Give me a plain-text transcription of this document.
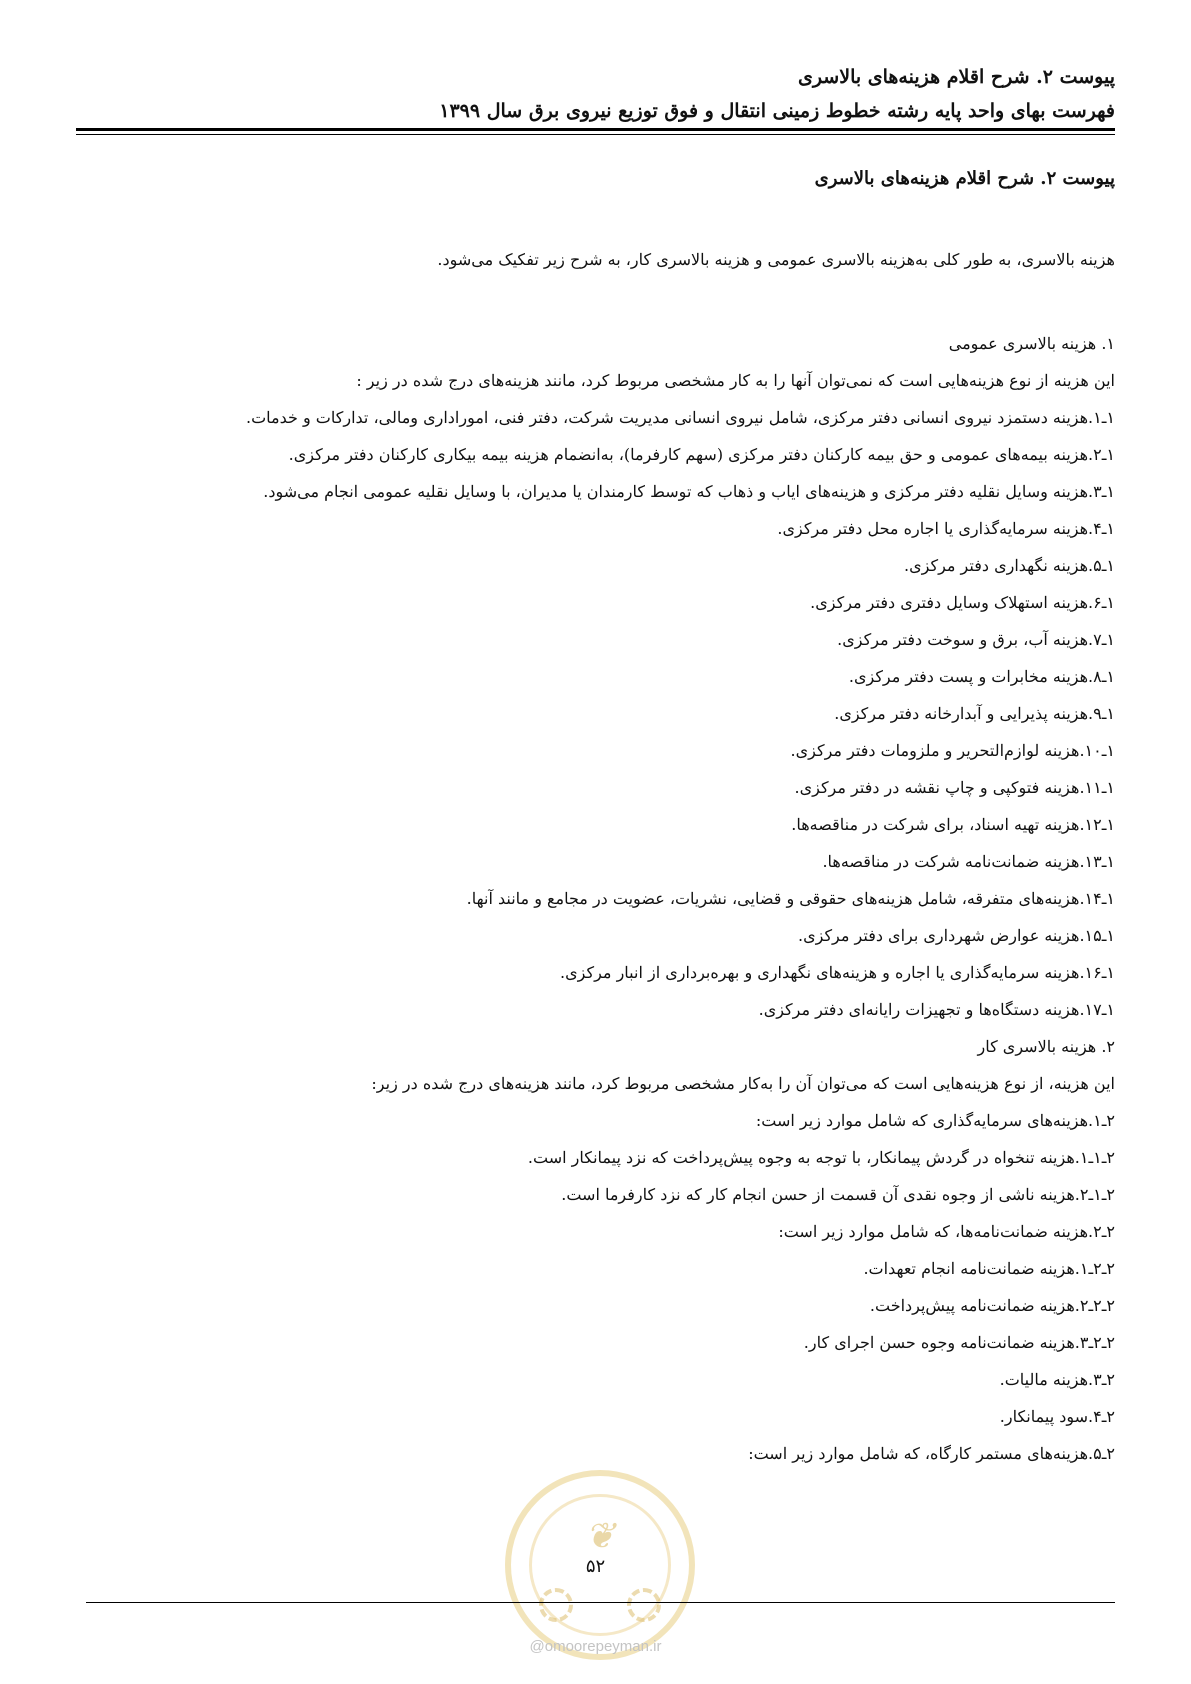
پیوست ۲. شرح اقلام هزینه‌های بالاسری
فهرست بهای واحد پایه رشته خطوط زمینی انتقال و فوق توزیع نیروی برق سال ۱۳۹۹
پیوست ۲. شرح اقلام هزینه‌های بالاسری
هزینه بالاسری، به طور کلی به‌هزینه بالاسری عمومی و هزینه بالاسری کار، به شرح زیر تفکیک می‌شود.
۱. هزینه بالاسری عمومی
این هزینه از نوع هزینه‌هایی است که نمی‌توان آنها را به کار مشخصی مربوط کرد، مانند هزینه‌های درج شده در زیر :
۱ـ۱.هزینه دستمزد نیروی انسانی دفتر مرکزی، شامل نیروی انسانی مدیریت شرکت، دفتر فنی، اموراداری ومالی، تدارکات و خدمات.
۱ـ۲.هزینه بیمه‌های عمومی و حق بیمه کارکنان دفتر مرکزی (سهم کارفرما)، به‌انضمام هزینه بیمه بیکاری کارکنان دفتر مرکزی.
۱ـ۳.هزینه وسایل نقلیه دفتر مرکزی و هزینه‌های ایاب و ذهاب که توسط کارمندان یا مدیران، با وسایل نقلیه عمومی انجام می‌شود.
۱ـ۴.هزینه سرمایه‌گذاری یا اجاره محل دفتر مرکزی.
۱ـ۵.هزینه نگهداری دفتر مرکزی.
۱ـ۶.هزینه استهلاک وسایل دفتری دفتر مرکزی.
۱ـ۷.هزینه آب، برق و سوخت دفتر مرکزی.
۱ـ۸.هزینه مخابرات و پست دفتر مرکزی.
۱ـ۹.هزینه پذیرایی و آبدارخانه دفتر مرکزی.
۱ـ۱۰.هزینه لوازم‌التحریر و ملزومات دفتر مرکزی.
۱ـ۱۱.هزینه فتوکپی و چاپ نقشه در دفتر مرکزی.
۱ـ۱۲.هزینه تهیه اسناد، برای شرکت در مناقصه‌ها.
۱ـ۱۳.هزینه ضمانت‌نامه شرکت در مناقصه‌ها.
۱ـ۱۴.هزینه‌های متفرقه، شامل هزینه‌های حقوقی و قضایی، نشریات، عضویت در مجامع و مانند آنها.
۱ـ۱۵.هزینه عوارض شهرداری برای دفتر مرکزی.
۱ـ۱۶.هزینه سرمایه‌گذاری یا اجاره و هزینه‌های نگهداری و بهره‌برداری از انبار مرکزی.
۱ـ۱۷.هزینه دستگاه‌ها و تجهیزات رایانه‌ای دفتر مرکزی.
۲. هزینه بالاسری کار
این هزینه، از نوع هزینه‌هایی است که می‌توان آن را به‌کار مشخصی مربوط کرد، مانند هزینه‌های درج شده در زیر:
۲ـ۱.هزینه‌های سرمایه‌گذاری که شامل موارد زیر است:
۲ـ۱ـ۱.هزینه تنخواه در گردش پیمانکار، با توجه به وجوه پیش‌پرداخت که نزد پیمانکار است.
۲ـ۱ـ۲.هزینه ناشی از وجوه نقدی آن قسمت از حسن انجام کار که نزد کارفرما است.
۲ـ۲.هزینه ضمانت‌نامه‌ها، که شامل موارد زیر است:
۲ـ۲ـ۱.هزینه ضمانت‌نامه انجام تعهدات.
۲ـ۲ـ۲.هزینه ضمانت‌نامه پیش‌پرداخت.
۲ـ۲ـ۳.هزینه ضمانت‌نامه وجوه حسن اجرای کار.
۲ـ۳.هزینه مالیات.
۲ـ۴.سود پیمانکار.
۲ـ۵.هزینه‌های مستمر کارگاه، که شامل موارد زیر است:
❦
۵۲
@omoorepeyman.ir
